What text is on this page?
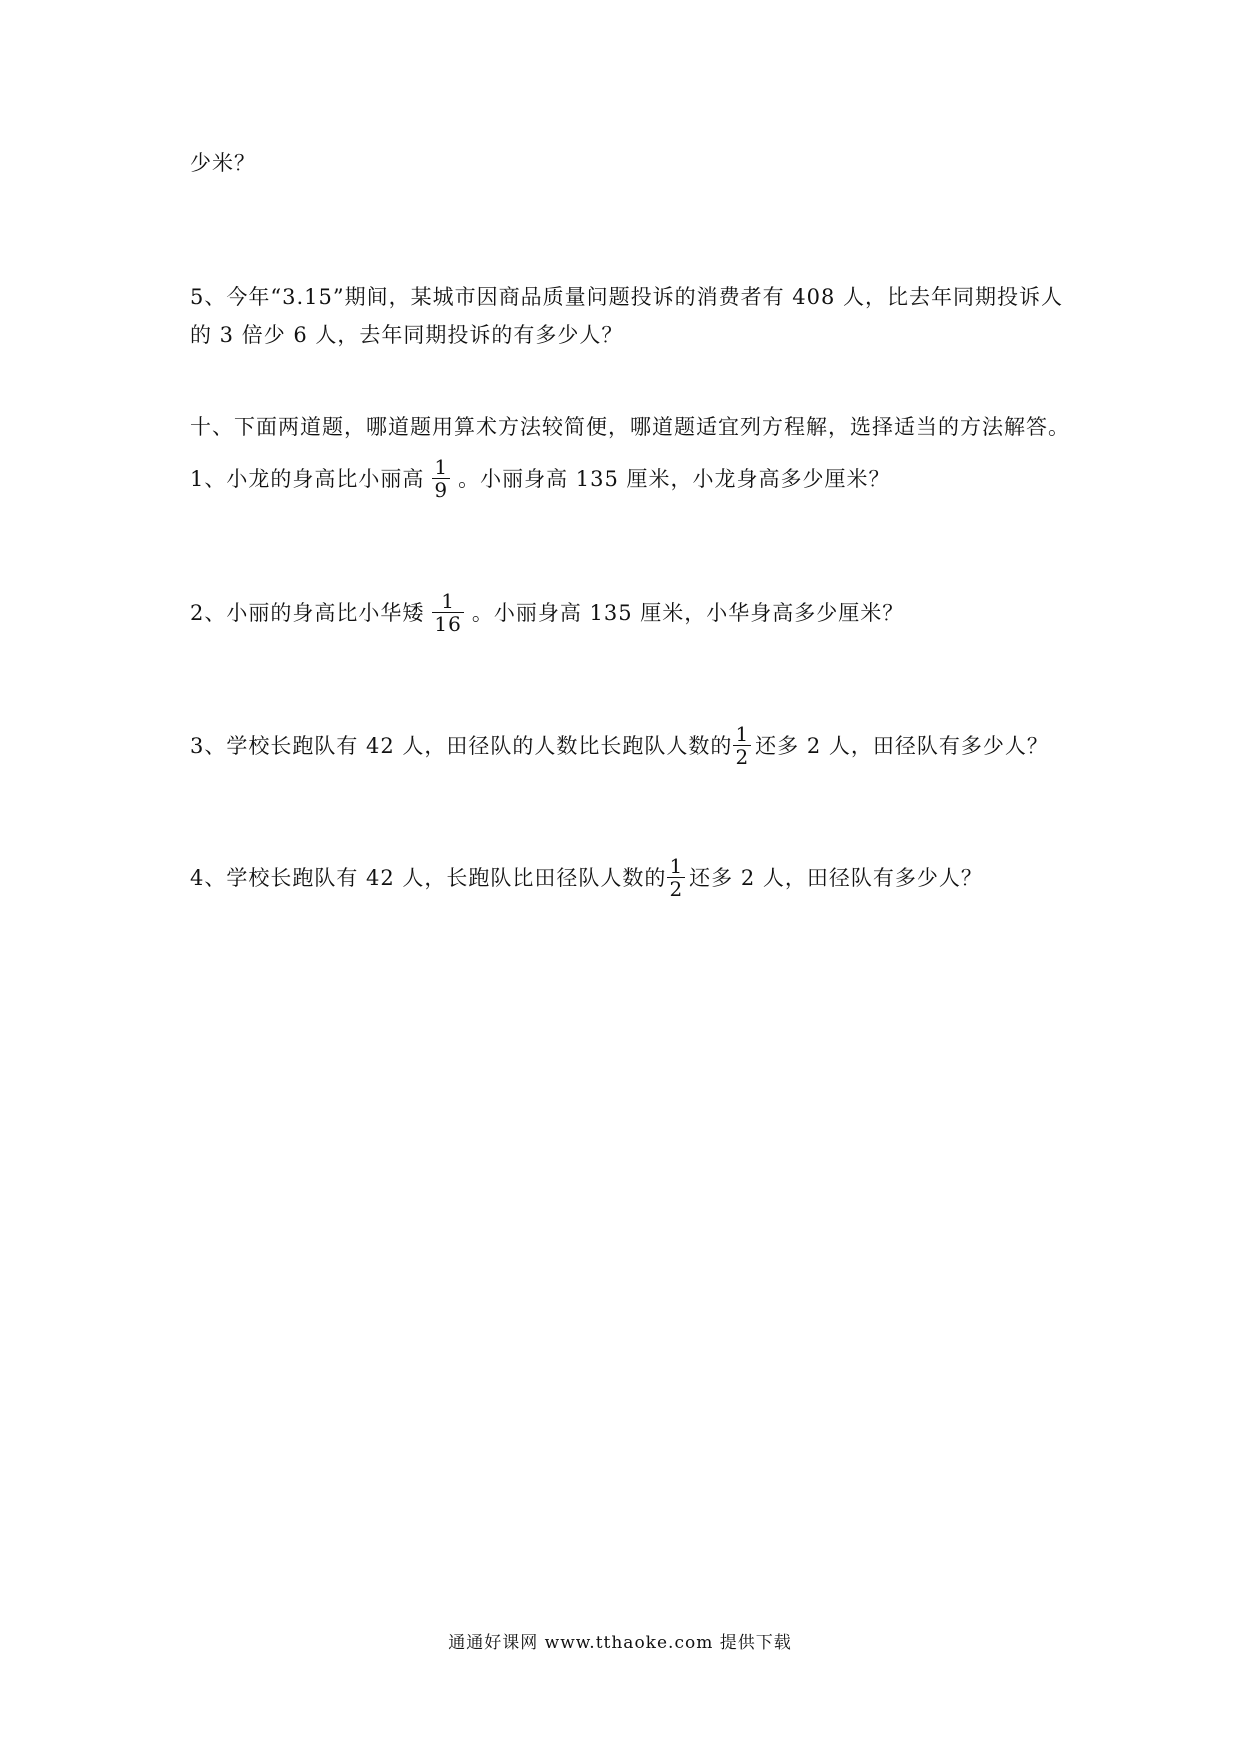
少米？
5、今年“3.15”期间，某城市因商品质量问题投诉的消费者有 408 人，比去年同期投诉人
的 3 倍少 6 人，去年同期投诉的有多少人？
十、下面两道题，哪道题用算术方法较简便，哪道题适宜列方程解，选择适当的方法解答。
1、小龙的身高比小丽高 $\frac{1}{9}$ 。小丽身高 135 厘米，小龙身高多少厘米？
2、小丽的身高比小华矮 $\frac{1}{16}$ 。小丽身高 135 厘米，小华身高多少厘米？
3、学校长跑队有 42 人，田径队的人数比长跑队人数的 $\frac{1}{2}$ 还多 2 人，田径队有多少人？
4、学校长跑队有 42 人，长跑队比田径队人数的 $\frac{1}{2}$ 还多 2 人，田径队有多少人？
通通好课网 www.tthaoke.com 提供下载
